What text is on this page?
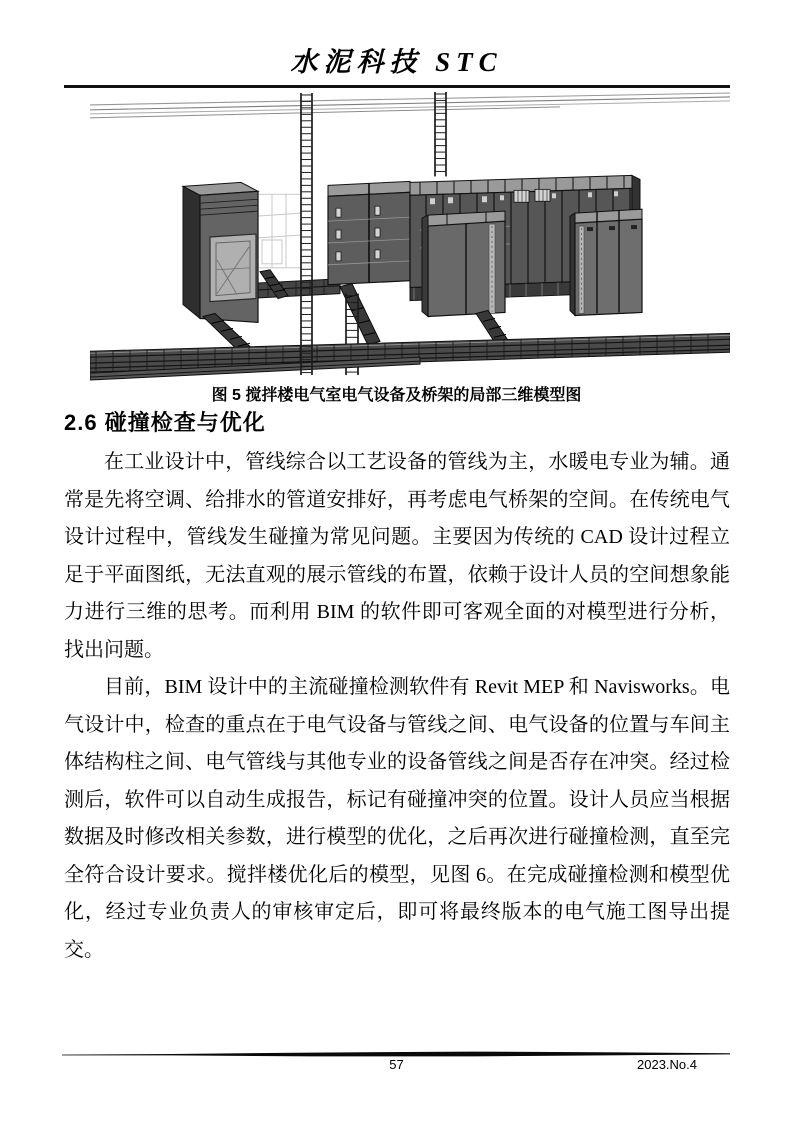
水泥科技 STC
图 5 搅拌楼电气室电气设备及桥架的局部三维模型图
2.6 碰撞检查与优化

在工业设计中，管线综合以工艺设备的管线为主，水暖电专业为辅。通常是先将空调、给排水的管道安排好，再考虑电气桥架的空间。在传统电气设计过程中，管线发生碰撞为常见问题。主要因为传统的 CAD 设计过程立足于平面图纸，无法直观的展示管线的布置，依赖于设计人员的空间想象能力进行三维的思考。而利用 BIM 的软件即可客观全面的对模型进行分析，找出问题。

目前，BIM 设计中的主流碰撞检测软件有 Revit MEP 和 Navisworks。电气设计中，检查的重点在于电气设备与管线之间、电气设备的位置与车间主体结构柱之间、电气管线与其他专业的设备管线之间是否存在冲突。经过检测后，软件可以自动生成报告，标记有碰撞冲突的位置。设计人员应当根据数据及时修改相关参数，进行模型的优化，之后再次进行碰撞检测，直至完全符合设计要求。搅拌楼优化后的模型，见图 6。在完成碰撞检测和模型优化，经过专业负责人的审核审定后，即可将最终版本的电气施工图导出提交。

57	2023.No.4
